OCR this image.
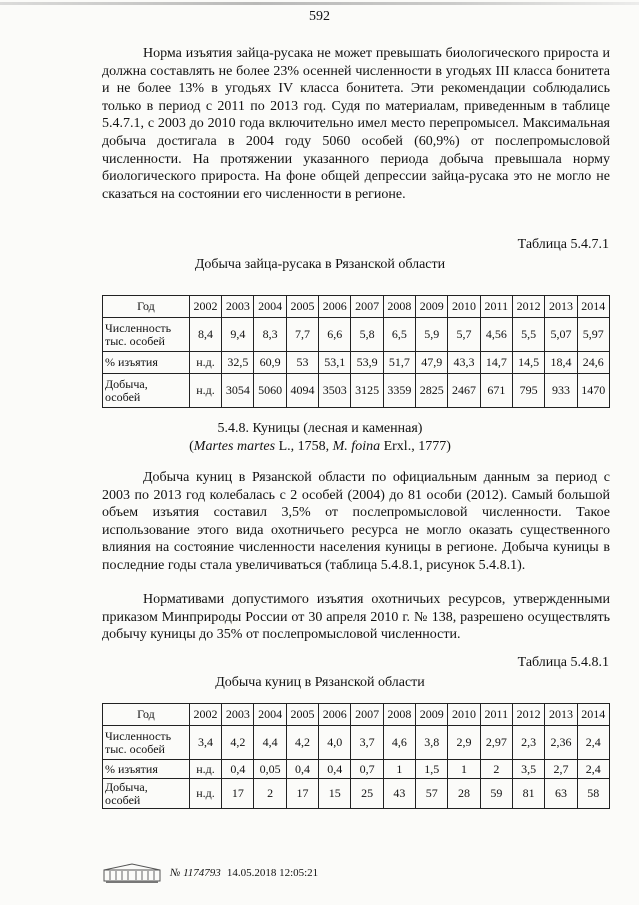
592

Норма изъятия зайца-русака не может превышать биологического прироста и должна составлять не более 23% осенней численности в угодьях III класса бонитета и не более 13% в угодьях IV класса бонитета. Эти рекомендации соблюдались только в период с 2011 по 2013 год. Судя по материалам, приведенным в таблице 5.4.7.1, с 2003 до 2010 года включительно имел место перепромысел. Максимальная добыча достигала в 2004 году 5060 особей (60,9%) от послепромысловой численности. На протяжении указанного периода добыча превышала норму биологического прироста. На фоне общей депрессии зайца-русака это не могло не сказаться на состоянии его численности в регионе.

Таблица 5.4.7.1
Добыча зайца-русака в Рязанской области
Год	2002	2003	2004	2005	2006	2007	2008	2009	2010	2011	2012	2013	2014

Численность
тыс. особей	8,4	9,4	8,3	7,7	6,6	5,8	6,5	5,9	5,7	4,56	5,5	5,07	5,97

% изъятия	н.д.	32,5	60,9	53	53,1	53,9	51,7	47,9	43,3	14,7	14,5	18,4	24,6

Добыча,
особей	н.д.	3054	5060	4094	3503	3125	3359	2825	2467	671	795	933	1470
5.4.8. Куницы (лесная и каменная)
(Martes martes L., 1758, M. foina Erxl., 1777)

Добыча куниц в Рязанской области по официальным данным за период с 2003 по 2013 год колебалась с 2 особей (2004) до 81 особи (2012). Самый большой объем изъятия составил 3,5% от послепромысловой численности. Такое использование этого вида охотничьего ресурса не могло оказать существенного влияния на состояние численности населения куницы в регионе. Добыча куницы в последние годы стала увеличиваться (таблица 5.4.8.1, рисунок 5.4.8.1).

Нормативами допустимого изъятия охотничьих ресурсов, утвержденными приказом Минприроды России от 30 апреля 2010 г. № 138, разрешено осуществлять добычу куницы до 35% от послепромысловой численности.

Таблица 5.4.8.1
Добыча куниц в Рязанской области
Год	2002	2003	2004	2005	2006	2007	2008	2009	2010	2011	2012	2013	2014

Численность
тыс. особей	3,4	4,2	4,4	4,2	4,0	3,7	4,6	3,8	2,9	2,97	2,3	2,36	2,4

% изъятия	н.д.	0,4	0,05	0,4	0,4	0,7	1	1,5	1	2	3,5	2,7	2,4

Добыча,
особей	н.д.	17	2	17	15	25	43	57	28	59	81	63	58
№ 1174793 14.05.2018 12:05:21
